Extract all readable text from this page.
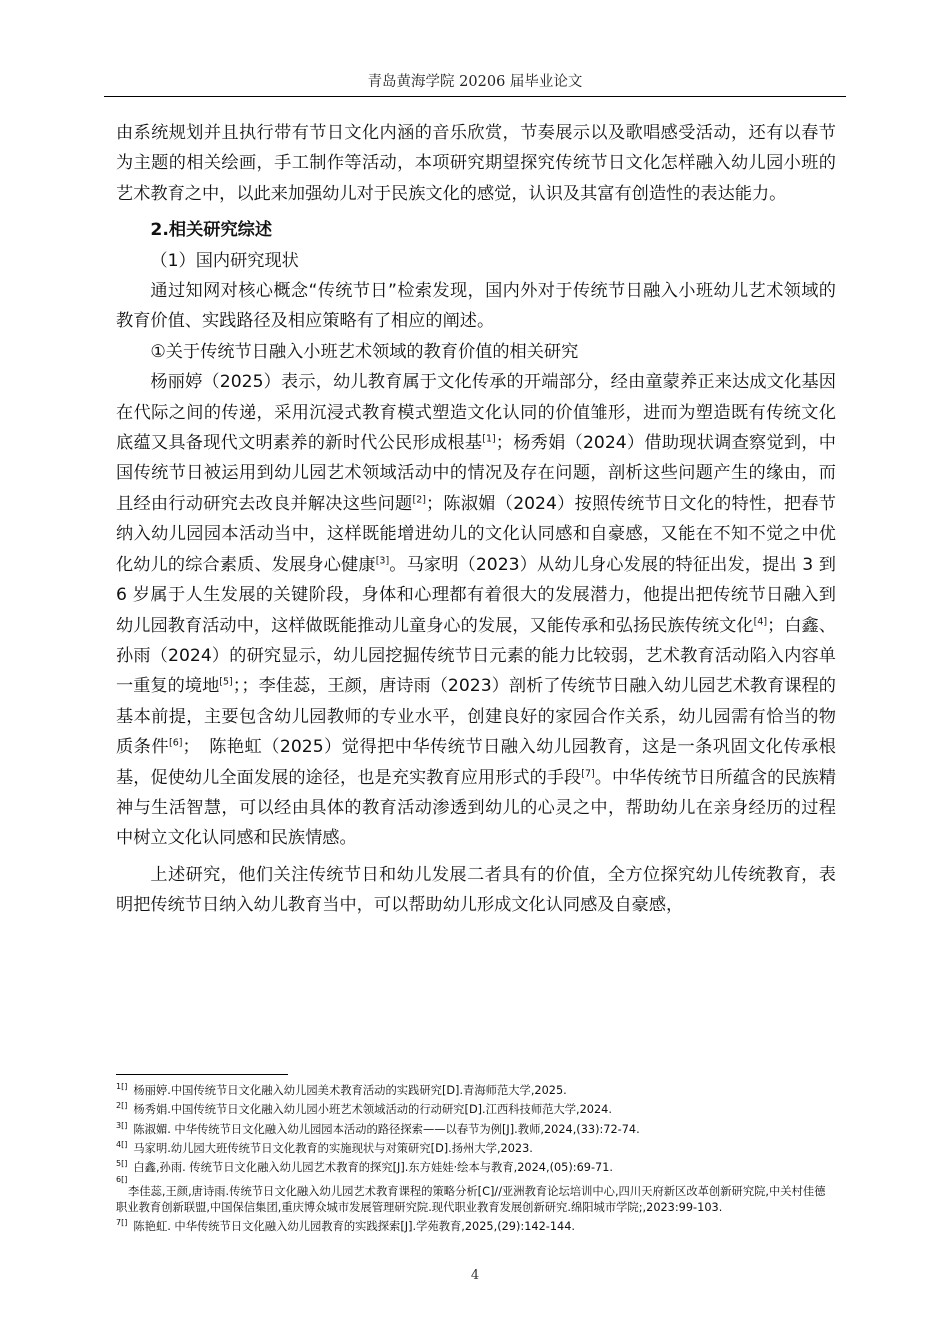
青岛黄海学院 20206 届毕业论文

由系统规划并且执行带有节日文化内涵的音乐欣赏，节奏展示以及歌唱感受活动，还有以春节为主题的相关绘画，手工制作等活动，本项研究期望探究传统节日文化怎样融入幼儿园小班的艺术教育之中，以此来加强幼儿对于民族文化的感觉，认识及其富有创造性的表达能力。

2.相关研究综述

（1）国内研究现状

通过知网对核心概念“传统节日”检索发现，国内外对于传统节日融入小班幼儿艺术领域的教育价值、实践路径及相应策略有了相应的阐述。

①关于传统节日融入小班艺术领域的教育价值的相关研究

杨丽婷（2025）表示，幼儿教育属于文化传承的开端部分，经由童蒙养正来达成文化基因在代际之间的传递，采用沉浸式教育模式塑造文化认同的价值雏形，进而为塑造既有传统文化底蕴又具备现代文明素养的新时代公民形成根基[1]；杨秀娟（2024）借助现状调查察觉到，中国传统节日被运用到幼儿园艺术领域活动中的情况及存在问题，剖析这些问题产生的缘由，而且经由行动研究去改良并解决这些问题[2]；陈淑媚（2024）按照传统节日文化的特性，把春节纳入幼儿园园本活动当中，这样既能增进幼儿的文化认同感和自豪感，又能在不知不觉之中优化幼儿的综合素质、发展身心健康[3]。马家明（2023）从幼儿身心发展的特征出发，提出 3 到 6 岁属于人生发展的关键阶段，身体和心理都有着很大的发展潜力，他提出把传统节日融入到幼儿园教育活动中，这样做既能推动儿童身心的发展，又能传承和弘扬民族传统文化[4]；白鑫、孙雨（2024）的研究显示，幼儿园挖掘传统节日元素的能力比较弱，艺术教育活动陷入内容单一重复的境地[5]；；李佳蕊，王颜，唐诗雨（2023）剖析了传统节日融入幼儿园艺术教育课程的基本前提，主要包含幼儿园教师的专业水平，创建良好的家园合作关系，幼儿园需有恰当的物质条件[6]；　陈艳虹（2025）觉得把中华传统节日融入幼儿园教育，这是一条巩固文化传承根基，促使幼儿全面发展的途径，也是充实教育应用形式的手段[7]。中华传统节日所蕴含的民族精神与生活智慧，可以经由具体的教育活动渗透到幼儿的心灵之中，帮助幼儿在亲身经历的过程中树立文化认同感和民族情感。

上述研究，他们关注传统节日和幼儿发展二者具有的价值，全方位探究幼儿传统教育，表明把传统节日纳入幼儿教育当中，可以帮助幼儿形成文化认同感及自豪感，

$^{1[]}$ 杨丽婷.中国传统节日文化融入幼儿园美术教育活动的实践研究[D].青海师范大学,2025.

$^{2[]}$ 杨秀娟.中国传统节日文化融入幼儿园小班艺术领域活动的行动研究[D].江西科技师范大学,2024.

$^{3[]}$ 陈淑媚. 中华传统节日文化融入幼儿园园本活动的路径探索——以春节为例[J].教师,2024,(33):72-74.

$^{4[]}$ 马家明.幼儿园大班传统节日文化教育的实施现状与对策研究[D].扬州大学,2023.

$^{5[]}$ 白鑫,孙雨. 传统节日文化融入幼儿园艺术教育的探究[J].东方娃娃·绘本与教育,2024,(05):69-71.

6[]
李佳蕊,王颜,唐诗雨.传统节日文化融入幼儿园艺术教育课程的策略分析[C]//亚洲教育论坛培训中心,四川天府新区改革创新研究院,中关村佳德职业教育创新联盟,中国保信集团,重庆博众城市发展管理研究院.现代职业教育发展创新研究.绵阳城市学院;,2023:99-103.

$^{7[]}$ 陈艳虹. 中华传统节日文化融入幼儿园教育的实践探索[J].学苑教育,2025,(29):142-144.

4
